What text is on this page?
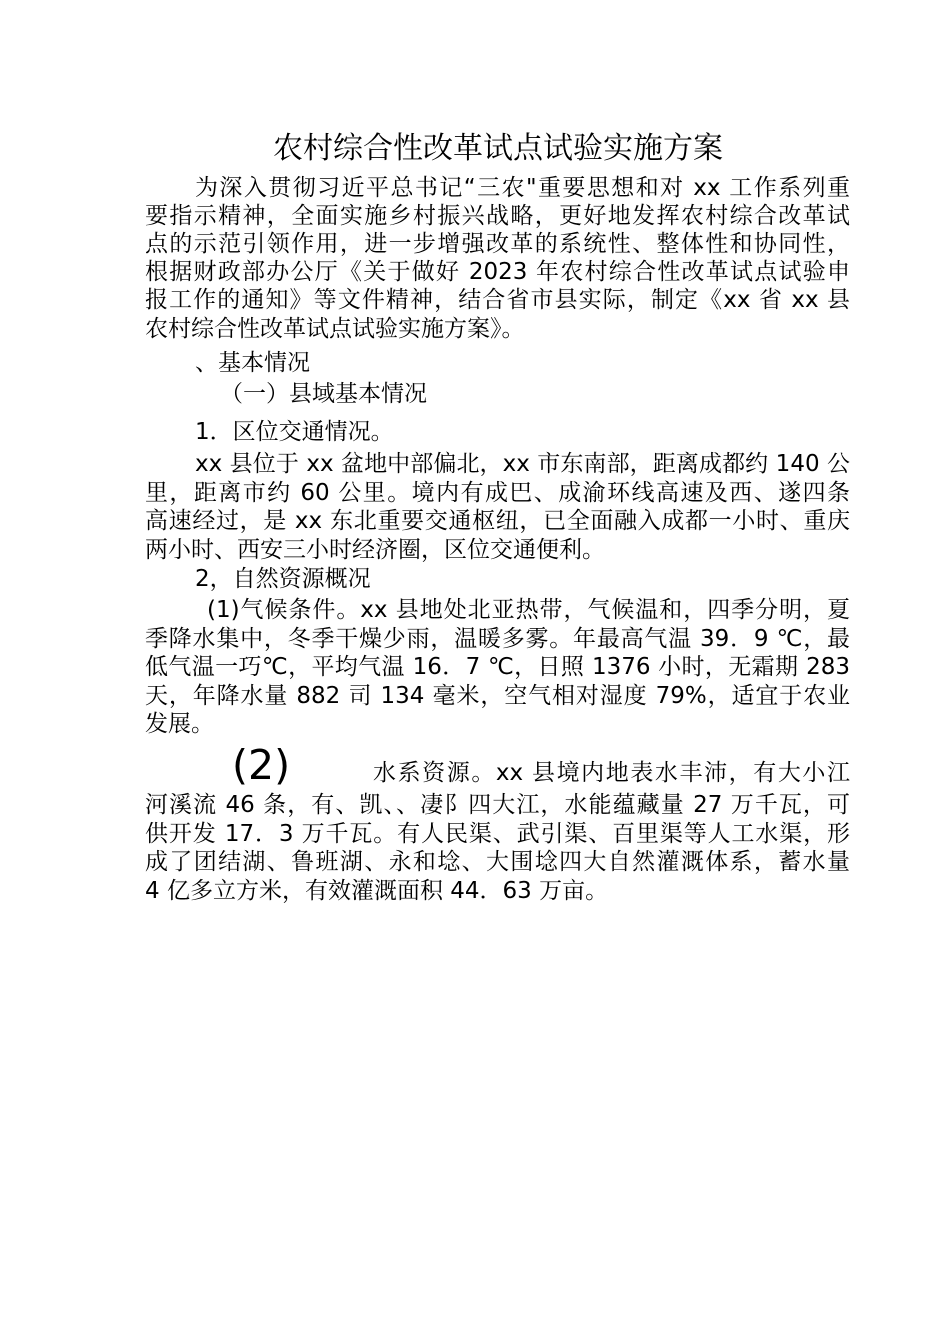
农村综合性改革试点试验实施方案
为深入贯彻习近平总书记“三农"重要思想和对 xx 工作系列重
要指示精神，全面实施乡村振兴战略，更好地发挥农村综合改革试
点的示范引领作用，进一步增强改革的系统性、整体性和协同性，
根据财政部办公厅《关于做好 2023 年农村综合性改革试点试验申
报工作的通知》等文件精神，结合省市县实际，制定《xx 省 xx 县
农村综合性改革试点试验实施方案》。
、基本情况
（一）县域基本情况
1．区位交通情况。
xx 县位于 xx 盆地中部偏北，xx 市东南部，距离成都约 140 公
里，距离市约 60 公里。境内有成巴、成渝环线高速及西、遂四条
高速经过，是 xx 东北重要交通枢纽，已全面融入成都一小时、重庆
两小时、西安三小时经济圈，区位交通便利。
2，自然资源概况
(1)气候条件。xx 县地处北亚热带，气候温和，四季分明，夏
季降水集中，冬季干燥少雨，温暖多雾。年最高气温 39．9 ℃，最
低气温一巧℃，平均气温 16．7 ℃，日照 1376 小时，无霜期 283
天，年降水量 882 司 134 毫米，空气相对湿度 79%，适宜于农业
发展。
(2)	水系资源。xx 县境内地表水丰沛，有大小江
河溪流 46 条，有、凯、、凄阝四大江，水能蕴藏量 27 万千瓦，可
供开发 17．3 万千瓦。有人民渠、武引渠、百里渠等人工水渠，形
成了团结湖、鲁班湖、永和埝、大围埝四大自然灌溉体系，蓄水量
4 亿多立方米，有效灌溉面积 44．63 万亩。
